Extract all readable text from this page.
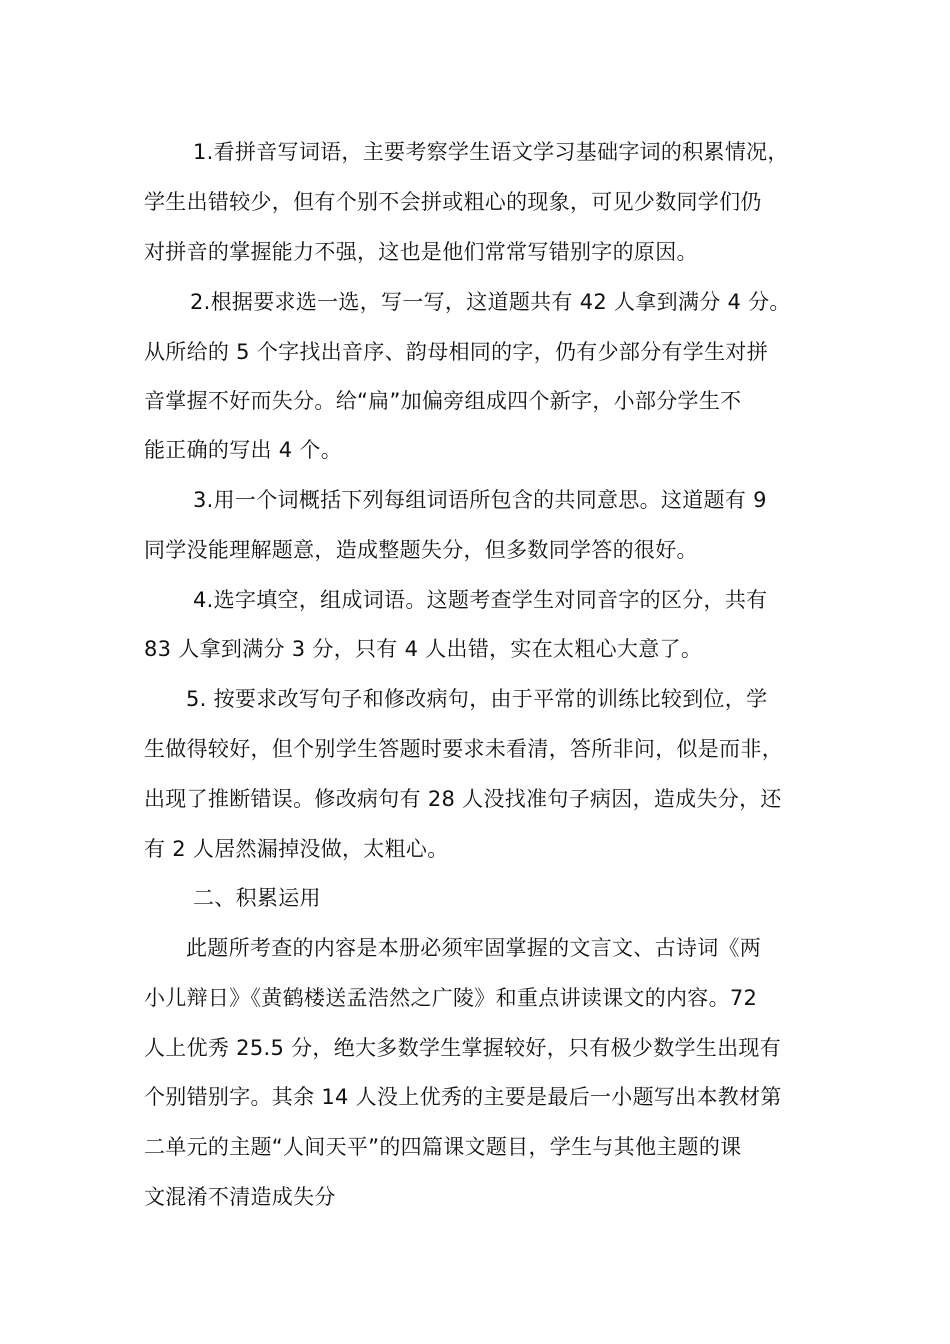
1.看拼音写词语，主要考察学生语文学习基础字词的积累情况，
学生出错较少，但有个别不会拼或粗心的现象，可见少数同学们仍
对拼音的掌握能力不强，这也是他们常常写错别字的原因。
2.根据要求选一选，写一写，这道题共有 42 人拿到满分 4 分。
从所给的 5 个字找出音序、韵母相同的字，仍有少部分有学生对拼
音掌握不好而失分。给“扁”加偏旁组成四个新字，小部分学生不
能正确的写出 4 个。
3.用一个词概括下列每组词语所包含的共同意思。这道题有 9
同学没能理解题意，造成整题失分，但多数同学答的很好。
4.选字填空，组成词语。这题考查学生对同音字的区分，共有
83 人拿到满分 3 分，只有 4 人出错，实在太粗心大意了。
5. 按要求改写句子和修改病句，由于平常的训练比较到位，学
生做得较好，但个别学生答题时要求未看清，答所非问，似是而非，
出现了推断错误。修改病句有 28 人没找准句子病因，造成失分，还
有 2 人居然漏掉没做，太粗心。
二、积累运用
此题所考查的内容是本册必须牢固掌握的文言文、古诗词《两
小儿辩日》《黄鹤楼送孟浩然之广陵》和重点讲读课文的内容。72
人上优秀 25.5 分，绝大多数学生掌握较好，只有极少数学生出现有
个别错别字。其余 14 人没上优秀的主要是最后一小题写出本教材第
二单元的主题“人间天平”的四篇课文题目，学生与其他主题的课
文混淆不清造成失分
